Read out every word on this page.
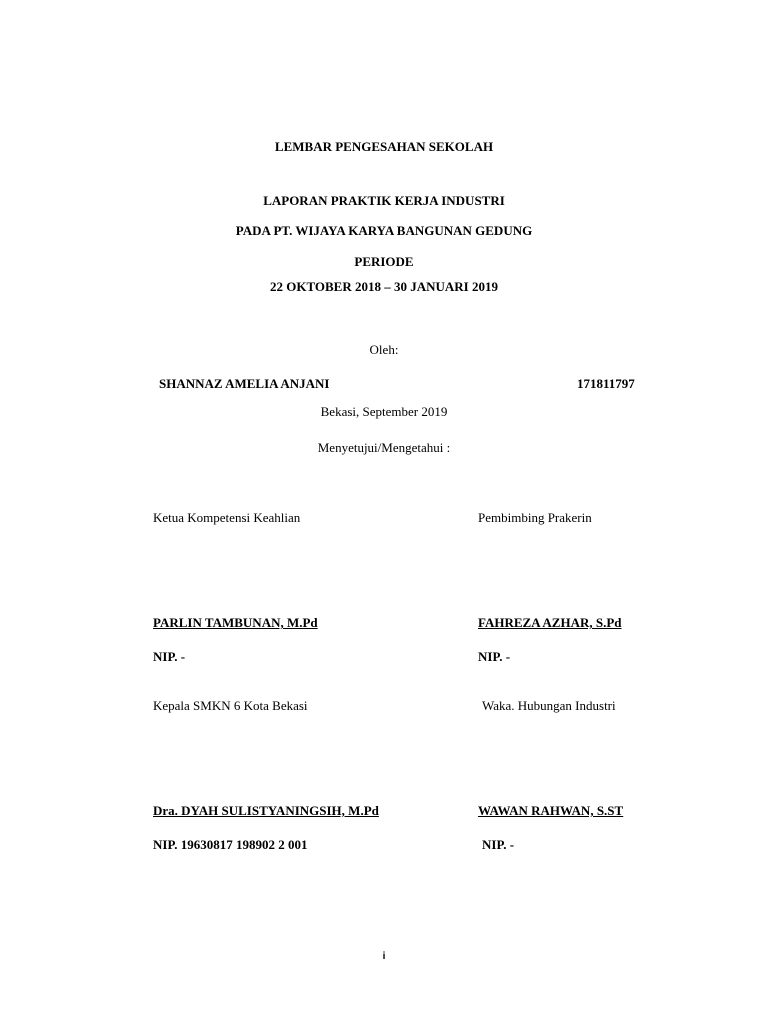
LEMBAR PENGESAHAN SEKOLAH
LAPORAN PRAKTIK KERJA INDUSTRI
PADA PT. WIJAYA KARYA BANGUNAN GEDUNG
PERIODE
22 OKTOBER 2018 – 30 JANUARI 2019
Oleh:
SHANNAZ AMELIA ANJANI	171811797
Bekasi, September 2019
Menyetujui/Mengetahui :
Ketua Kompetensi Keahlian	Pembimbing Prakerin
PARLIN TAMBUNAN, M.Pd	FAHREZA AZHAR, S.Pd
NIP. -	NIP. -
Kepala SMKN 6 Kota Bekasi	Waka. Hubungan Industri
Dra. DYAH SULISTYANINGSIH, M.Pd	WAWAN RAHWAN, S.ST
NIP. 19630817 198902 2 001	NIP. -
i
